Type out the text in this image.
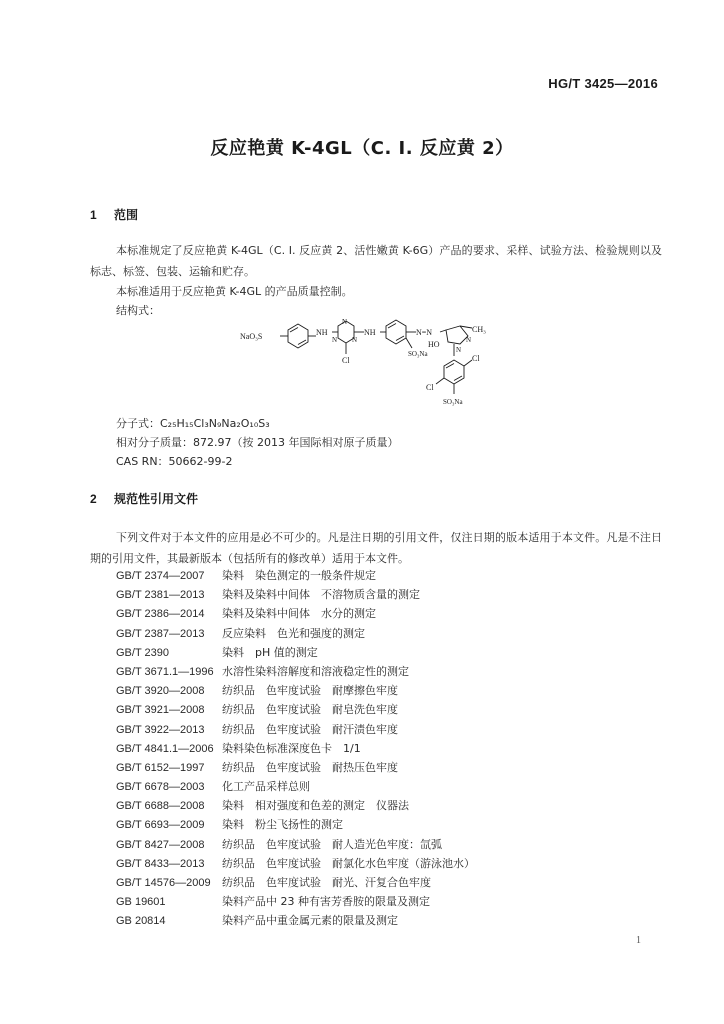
HG/T 3425—2016
反应艳黄 K-4GL（C. I. 反应黄 2）
1 范围
本标准规定了反应艳黄 K-4GL（C. I. 反应黄 2、活性嫩黄 K-6G）产品的要求、采样、试验方法、检验规则以及标志、标签、包装、运输和贮存。
本标准适用于反应艳黄 K-4GL 的产品质量控制。
结构式：
NaO₃S	NH
N
N N
Cl
NH	N=N	CH₃
N
N
HO
SO₃Na	Cl
Cl
SO₃Na
分子式：C₂₅H₁₅Cl₃N₉Na₂O₁₀S₃
相对分子质量：872.97（按 2013 年国际相对原子质量）
CAS RN：50662-99-2
2 规范性引用文件
下列文件对于本文件的应用是必不可少的。凡是注日期的引用文件，仅注日期的版本适用于本文件。凡是不注日期的引用文件，其最新版本（包括所有的修改单）适用于本文件。
GB/T 2374—2007 染料　染色测定的一般条件规定
GB/T 2381—2013 染料及染料中间体　不溶物质含量的测定
GB/T 2386—2014 染料及染料中间体　水分的测定
GB/T 2387—2013 反应染料　色光和强度的测定
GB/T 2390	染料　pH 值的测定
GB/T 3671.1—1996 水溶性染料溶解度和溶液稳定性的测定
GB/T 3920—2008 纺织品　色牢度试验　耐摩擦色牢度
GB/T 3921—2008 纺织品　色牢度试验　耐皂洗色牢度
GB/T 3922—2013 纺织品　色牢度试验　耐汗渍色牢度
GB/T 4841.1—2006 染料染色标准深度色卡　1/1
GB/T 6152—1997 纺织品　色牢度试验　耐热压色牢度
GB/T 6678—2003 化工产品采样总则
GB/T 6688—2008 染料　相对强度和色差的测定　仪器法
GB/T 6693—2009 染料　粉尘飞扬性的测定
GB/T 8427—2008 纺织品　色牢度试验　耐人造光色牢度：氙弧
GB/T 8433—2013 纺织品　色牢度试验　耐氯化水色牢度（游泳池水）
GB/T 14576—2009 纺织品　色牢度试验　耐光、汗复合色牢度
GB 19601	染料产品中 23 种有害芳香胺的限量及测定
GB 20814	染料产品中重金属元素的限量及测定
1
